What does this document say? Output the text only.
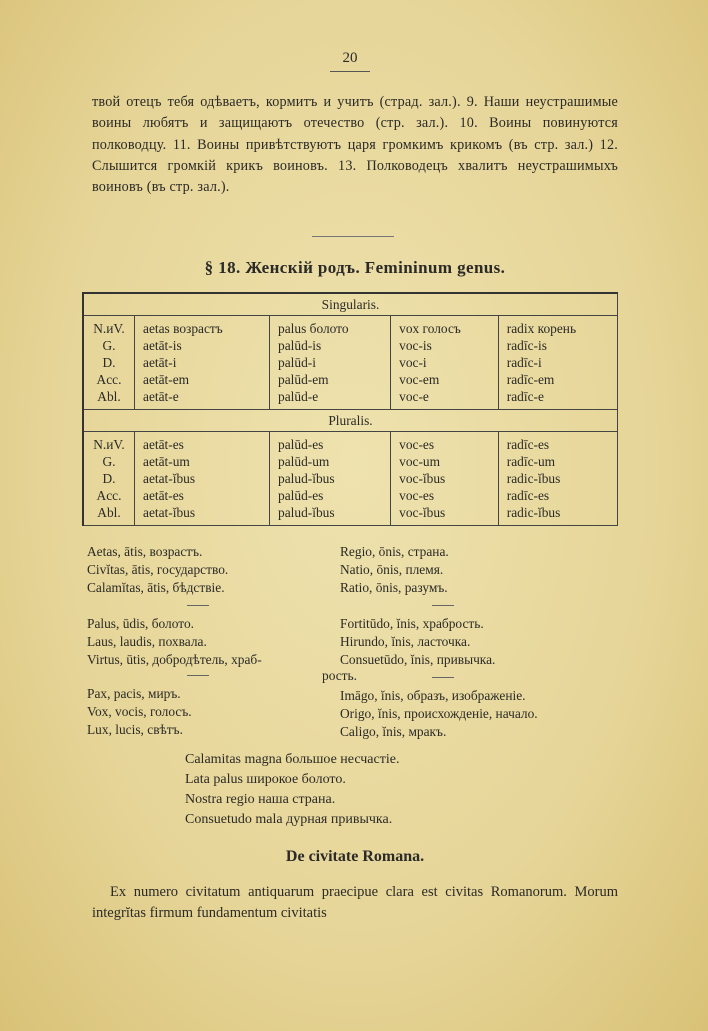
20
твой отецъ тебя одѣваетъ, кормитъ и учитъ (страд. зал.). 9. Наши неустрашимые воины любятъ и защищаютъ отечество (стр. зал.). 10. Воины повинуются полководцу. 11. Воины привѣтствуютъ царя громкимъ крикомъ (въ стр. зал.) 12. Слышится громкій крикъ воиновъ. 13. Полководецъ хвалитъ неустрашимыхъ воиновъ (въ стр. зал.).
§ 18. Женскій родъ. Femininum genus.
Singularis.				
N.иV.	aetas возрастъ	palus болото	vox голосъ	radix корень
G.	aetāt-is	palūd-is	voc-is	radīc-is
D.	aetāt-i	palūd-i	voc-i	radīc-i
Acc.	aetāt-em	palūd-em	voc-em	radīc-em
Abl.	aetāt-e	palūd-e	voc-e	radīc-e
Pluralis.				
N.иV.	aetāt-es	palūd-es	voc-es	radīc-es
G.	aetāt-um	palūd-um	voc-um	radīc-um
D.	aetat-ĭbus	palud-ĭbus	voc-ĭbus	radic-ĭbus
Acc.	aetāt-es	palūd-es	voc-es	radīc-es
Abl.	aetat-ĭbus	palud-ĭbus	voc-ĭbus	radic-ĭbus
Aetas, ātis, возрастъ.
Civĭtas, ātis, государство.
Calamĭtas, ātis, бѣдствіе.
Palus, ūdis, болото.
Laus, laudis, похвала.
Virtus, ūtis, добродѣтель, храб-
рость.
Pax, pacis, миръ.
Vox, vocis, голосъ.
Lux, lucis, свѣтъ.
Regio, ōnis, страна.
Natio, ōnis, племя.
Ratio, ōnis, разумъ.
Fortitūdo, ĭnis, храбрость.
Hirundo, ĭnis, ласточка.
Consuetūdo, ĭnis, привычка.
Imāgo, ĭnis, образъ, изображеніе.
Origo, ĭnis, происхожденіе, начало.
Caligo, ĭnis, мракъ.
Calamitas magna большое несчастіе.
Lata palus широкое болото.
Nostra regio наша страна.
Consuetudo mala дурная привычка.
De civitate Romana.
Ex numero civitatum antiquarum praecipue clara est civitas Romanorum. Morum integrĭtas firmum fundamentum civitatis
